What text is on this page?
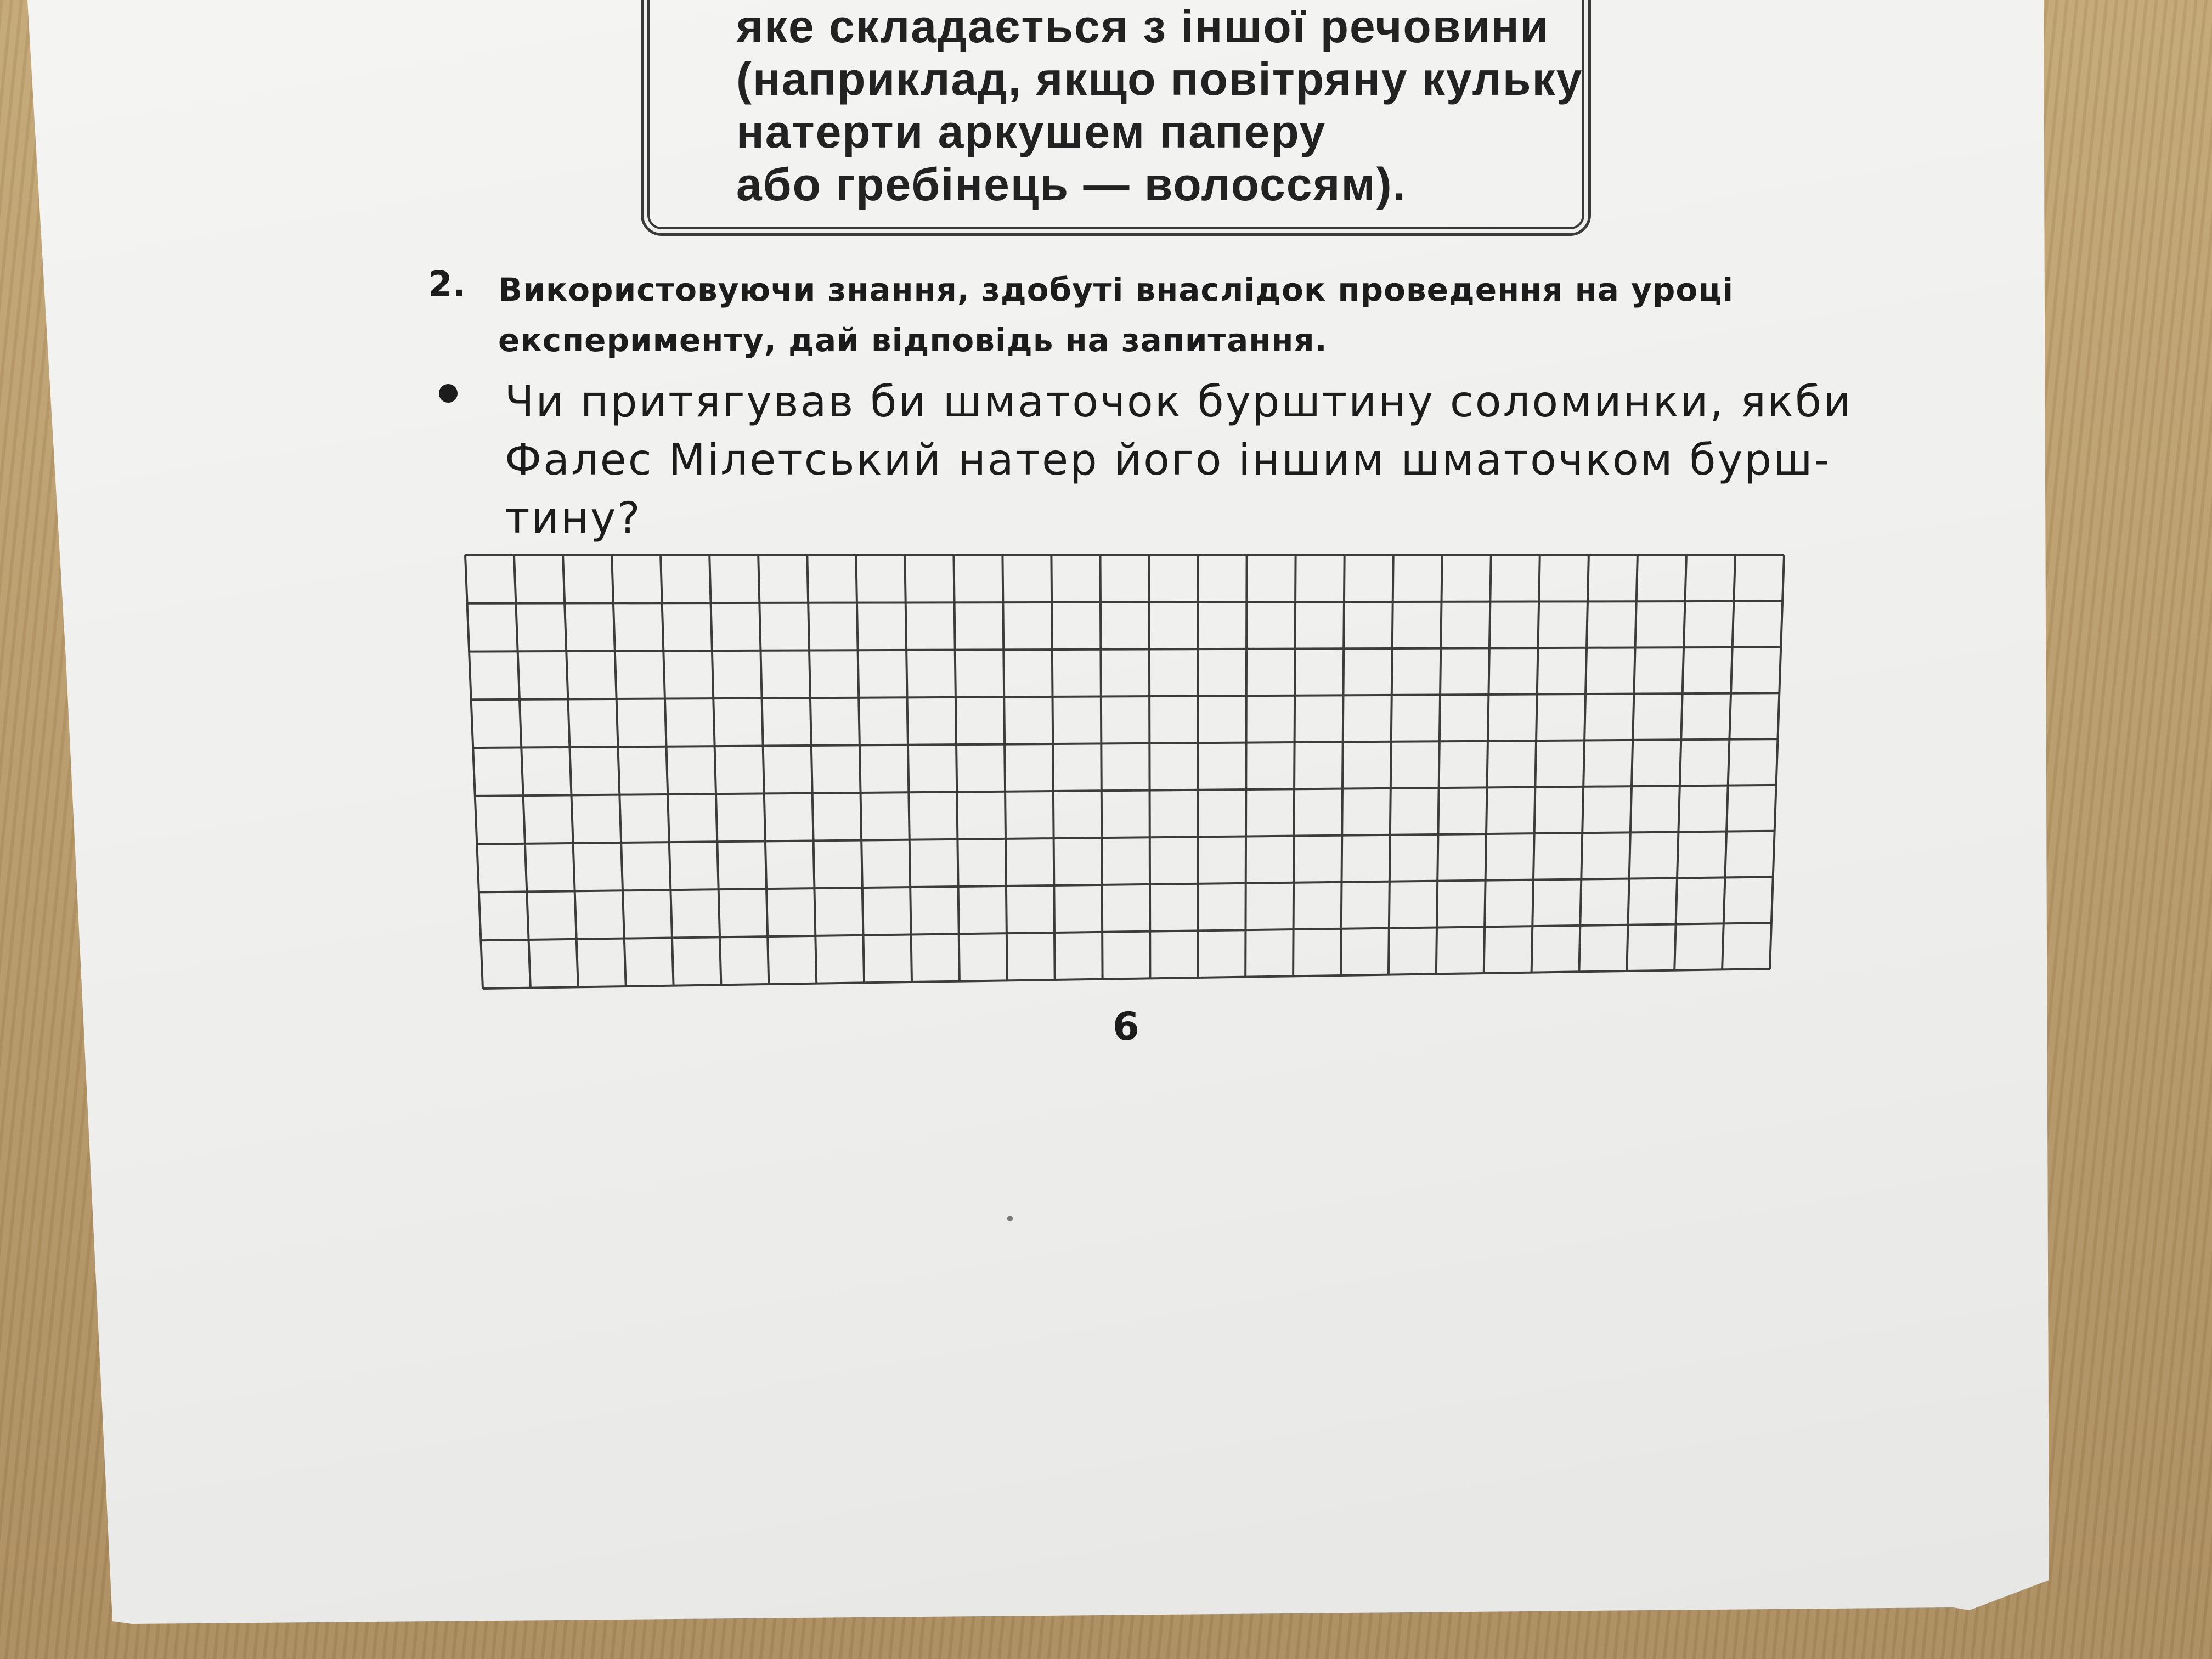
яке складається з іншої речовини
(наприклад, якщо повітряну кульку
натерти аркушем паперу
або гребінець — волоссям).
2. Використовуючи знання, здобуті внаслідок проведення на уроці
експерименту, дай відповідь на запитання.
Чи притягував би шматочок бурштину соломинки, якби
Фалес Мілетський натер його іншим шматочком бурш-
тину?
6
